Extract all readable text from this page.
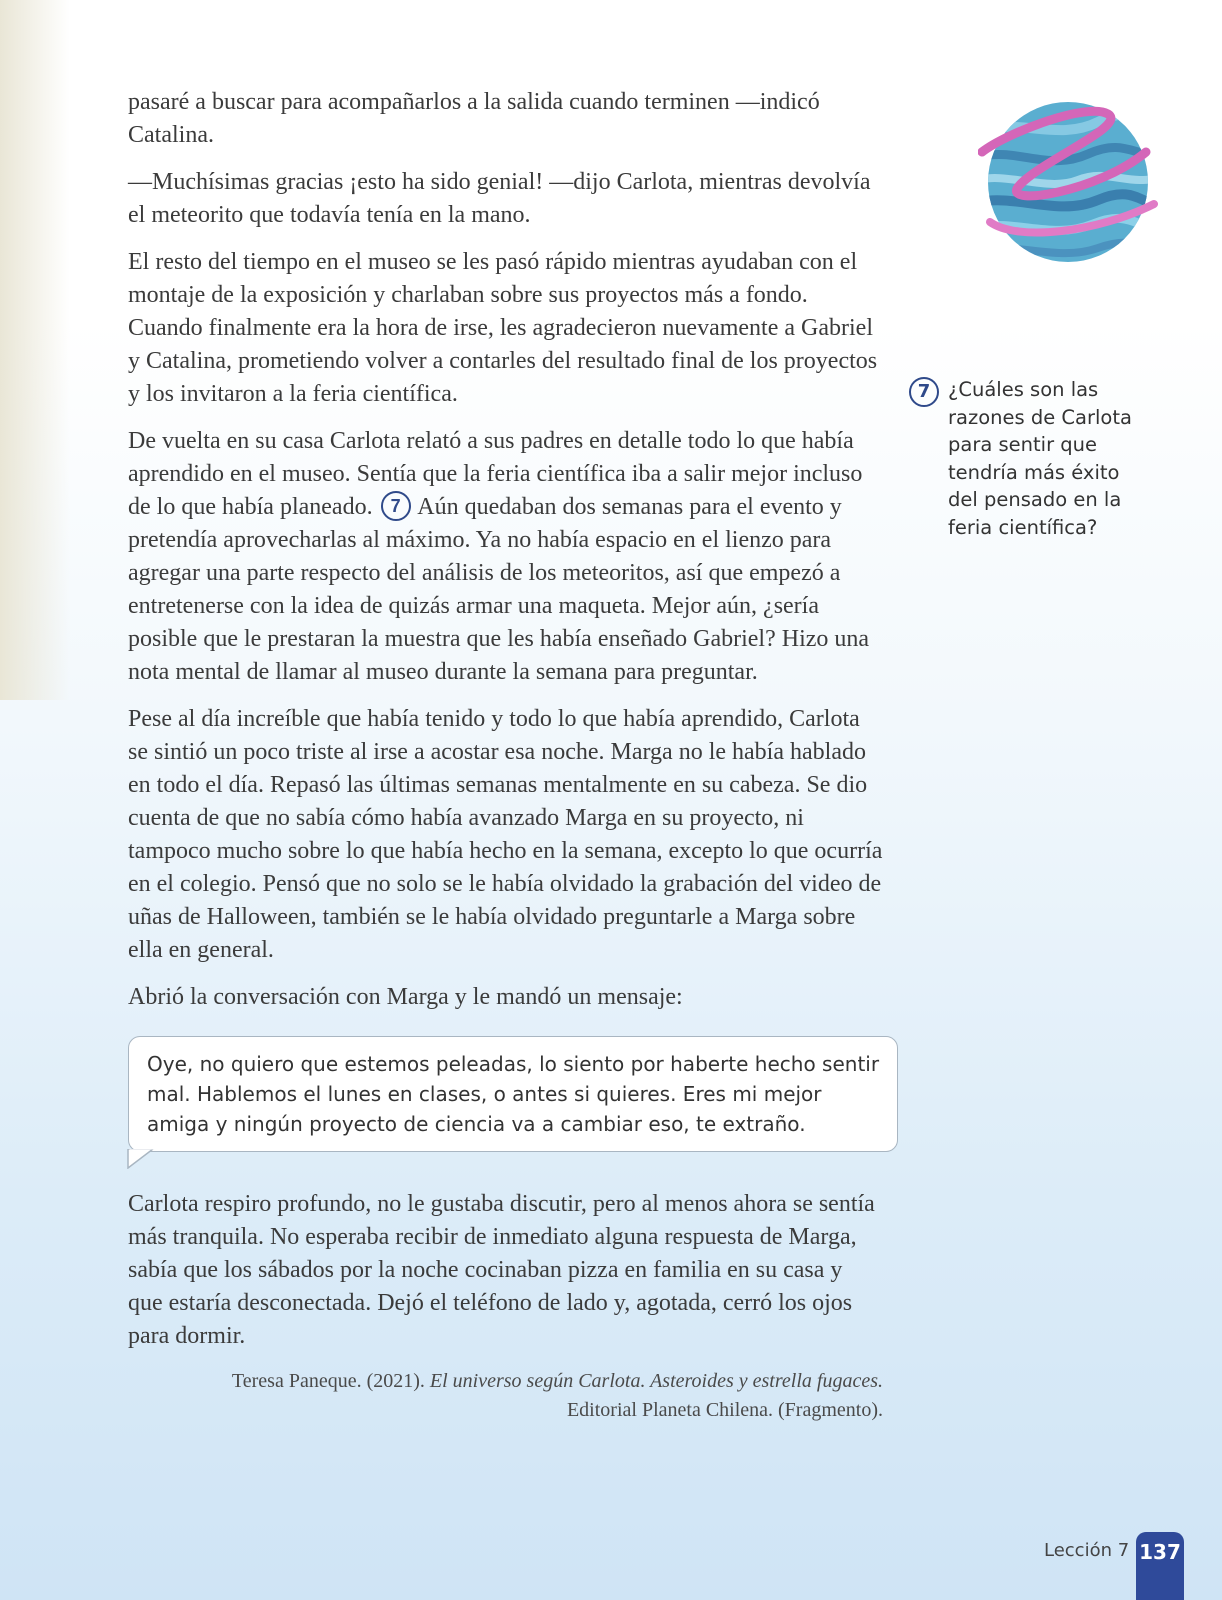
pasaré a buscar para acompañarlos a la salida cuando terminen —indicó Catalina.

—Muchísimas gracias ¡esto ha sido genial! —dijo Carlota, mientras devolvía el meteorito que todavía tenía en la mano.

El resto del tiempo en el museo se les pasó rápido mientras ayudaban con el montaje de la exposición y charlaban sobre sus proyectos más a fondo. Cuando finalmente era la hora de irse, les agradecieron nuevamente a Gabriel y Catalina, prometiendo volver a contarles del resultado final de los proyectos y los invitaron a la feria científica.

De vuelta en su casa Carlota relató a sus padres en detalle todo lo que había aprendido en el museo. Sentía que la feria científica iba a salir mejor incluso de lo que había planeado. 7 Aún quedaban dos semanas para el evento y pretendía aprovecharlas al máximo. Ya no había espacio en el lienzo para agregar una parte respecto del análisis de los meteoritos, así que empezó a entretenerse con la idea de quizás armar una maqueta. Mejor aún, ¿sería posible que le prestaran la muestra que les había enseñado Gabriel? Hizo una nota mental de llamar al museo durante la semana para preguntar.

Pese al día increíble que había tenido y todo lo que había aprendido, Carlota se sintió un poco triste al irse a acostar esa noche. Marga no le había hablado en todo el día. Repasó las últimas semanas mentalmente en su cabeza. Se dio cuenta de que no sabía cómo había avanzado Marga en su proyecto, ni tampoco mucho sobre lo que había hecho en la semana, excepto lo que ocurría en el colegio. Pensó que no solo se le había olvidado la grabación del video de uñas de Halloween, también se le había olvidado preguntarle a Marga sobre ella en general.

Abrió la conversación con Marga y le mandó un mensaje:

Oye, no quiero que estemos peleadas, lo siento por haberte hecho sentir mal. Hablemos el lunes en clases, o antes si quieres. Eres mi mejor amiga y ningún proyecto de ciencia va a cambiar eso, te extraño.

Carlota respiro profundo, no le gustaba discutir, pero al menos ahora se sentía más tranquila. No esperaba recibir de inmediato alguna respuesta de Marga, sabía que los sábados por la noche cocinaban pizza en familia en su casa y que estaría desconectada. Dejó el teléfono de lado y, agotada, cerró los ojos para dormir.

Teresa Paneque. (2021). El universo según Carlota. Asteroides y estrella fugaces.
Editorial Planeta Chilena. (Fragmento).
7 ¿Cuáles son las razones de Carlota para sentir que tendría más éxito del pensado en la feria científica?
Lección 7 137
